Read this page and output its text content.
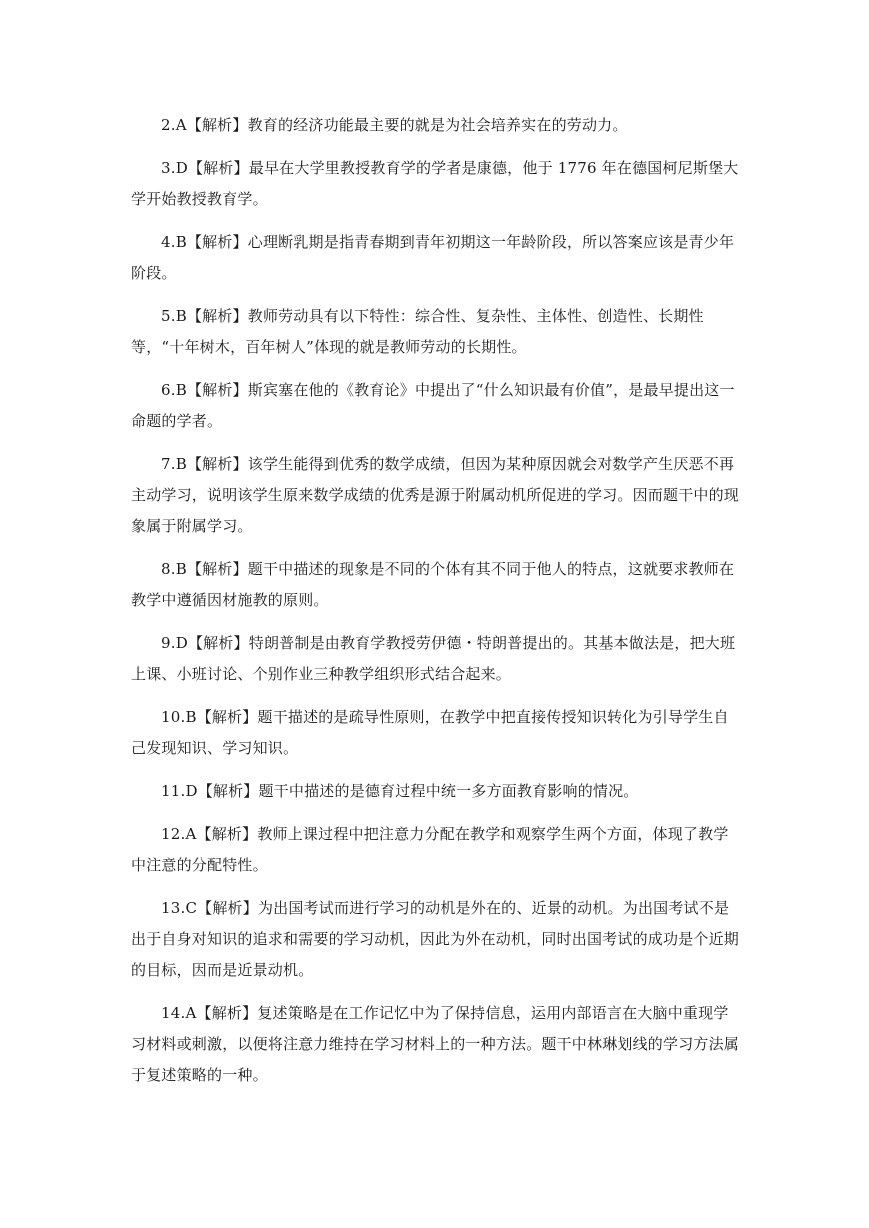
2.A【解析】教育的经济功能最主要的就是为社会培养实在的劳动力。

3.D【解析】最早在大学里教授教育学的学者是康德，他于 1776 年在德国柯尼斯堡大学开始教授教育学。

4.B【解析】心理断乳期是指青春期到青年初期这一年龄阶段，所以答案应该是青少年阶段。

5.B【解析】教师劳动具有以下特性：综合性、复杂性、主体性、创造性、长期性等，“十年树木，百年树人”体现的就是教师劳动的长期性。

6.B【解析】斯宾塞在他的《教育论》中提出了“什么知识最有价值”，是最早提出这一命题的学者。

7.B【解析】该学生能得到优秀的数学成绩，但因为某种原因就会对数学产生厌恶不再主动学习，说明该学生原来数学成绩的优秀是源于附属动机所促进的学习。因而题干中的现象属于附属学习。

8.B【解析】题干中描述的现象是不同的个体有其不同于他人的特点，这就要求教师在教学中遵循因材施教的原则。

9.D【解析】特朗普制是由教育学教授劳伊德・特朗普提出的。其基本做法是，把大班上课、小班讨论、个别作业三种教学组织形式结合起来。

10.B【解析】题干描述的是疏导性原则，在教学中把直接传授知识转化为引导学生自己发现知识、学习知识。

11.D【解析】题干中描述的是德育过程中统一多方面教育影响的情况。

12.A【解析】教师上课过程中把注意力分配在教学和观察学生两个方面，体现了教学中注意的分配特性。

13.C【解析】为出国考试而进行学习的动机是外在的、近景的动机。为出国考试不是出于自身对知识的追求和需要的学习动机，因此为外在动机，同时出国考试的成功是个近期的目标，因而是近景动机。

14.A【解析】复述策略是在工作记忆中为了保持信息，运用内部语言在大脑中重现学习材料或刺激，以便将注意力维持在学习材料上的一种方法。题干中林琳划线的学习方法属于复述策略的一种。
